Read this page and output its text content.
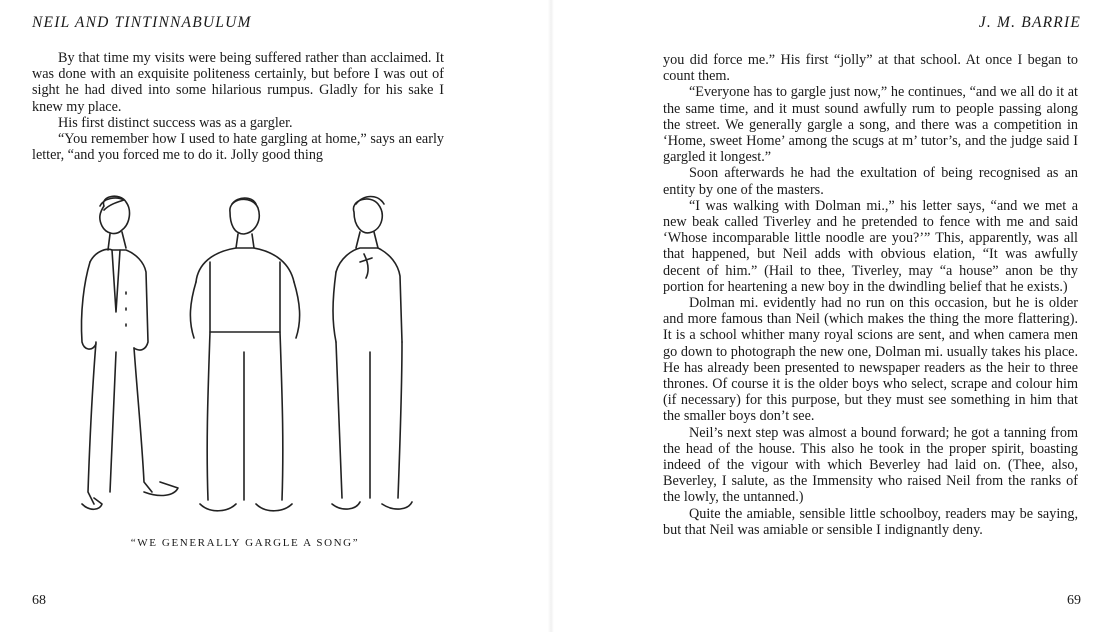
NEIL AND TINTINNABULUM

By that time my visits were being suffered rather than acclaimed. It was done with an exquisite politeness certainly, but before I was out of sight he had dived into some hilarious rumpus. Gladly for his sake I knew my place.

His first distinct success was as a gargler.

“You remember how I used to hate gargling at home,” says an early letter, “and you forced me to do it. Jolly good thing

“WE GENERALLY GARGLE A SONG”
68
J. M. BARRIE

you did force me.” His first “jolly” at that school. At once I began to count them.

“Everyone has to gargle just now,” he continues, “and we all do it at the same time, and it must sound awfully rum to people passing along the street. We generally gargle a song, and there was a competition in ‘Home, sweet Home’ among the scugs at m’ tutor’s, and the judge said I gargled it longest.”

Soon afterwards he had the exultation of being recognised as an entity by one of the masters.

“I was walking with Dolman mi.,” his letter says, “and we met a new beak called Tiverley and he pretended to fence with me and said ‘Whose incomparable little noodle are you?’” This, apparently, was all that happened, but Neil adds with obvious elation, “It was awfully decent of him.” (Hail to thee, Tiverley, may “a house” anon be thy portion for heartening a new boy in the dwindling belief that he exists.)

Dolman mi. evidently had no run on this occasion, but he is older and more famous than Neil (which makes the thing the more flattering). It is a school whither many royal scions are sent, and when camera men go down to photograph the new one, Dolman mi. usually takes his place. He has already been presented to newspaper readers as the heir to three thrones. Of course it is the older boys who select, scrape and colour him (if necessary) for this purpose, but they must see something in him that the smaller boys don’t see.

Neil’s next step was almost a bound forward; he got a tanning from the head of the house. This also he took in the proper spirit, boasting indeed of the vigour with which Beverley had laid on. (Thee, also, Beverley, I salute, as the Immensity who raised Neil from the ranks of the lowly, the untanned.)

Quite the amiable, sensible little schoolboy, readers may be saying, but that Neil was amiable or sensible I indignantly deny.

69
